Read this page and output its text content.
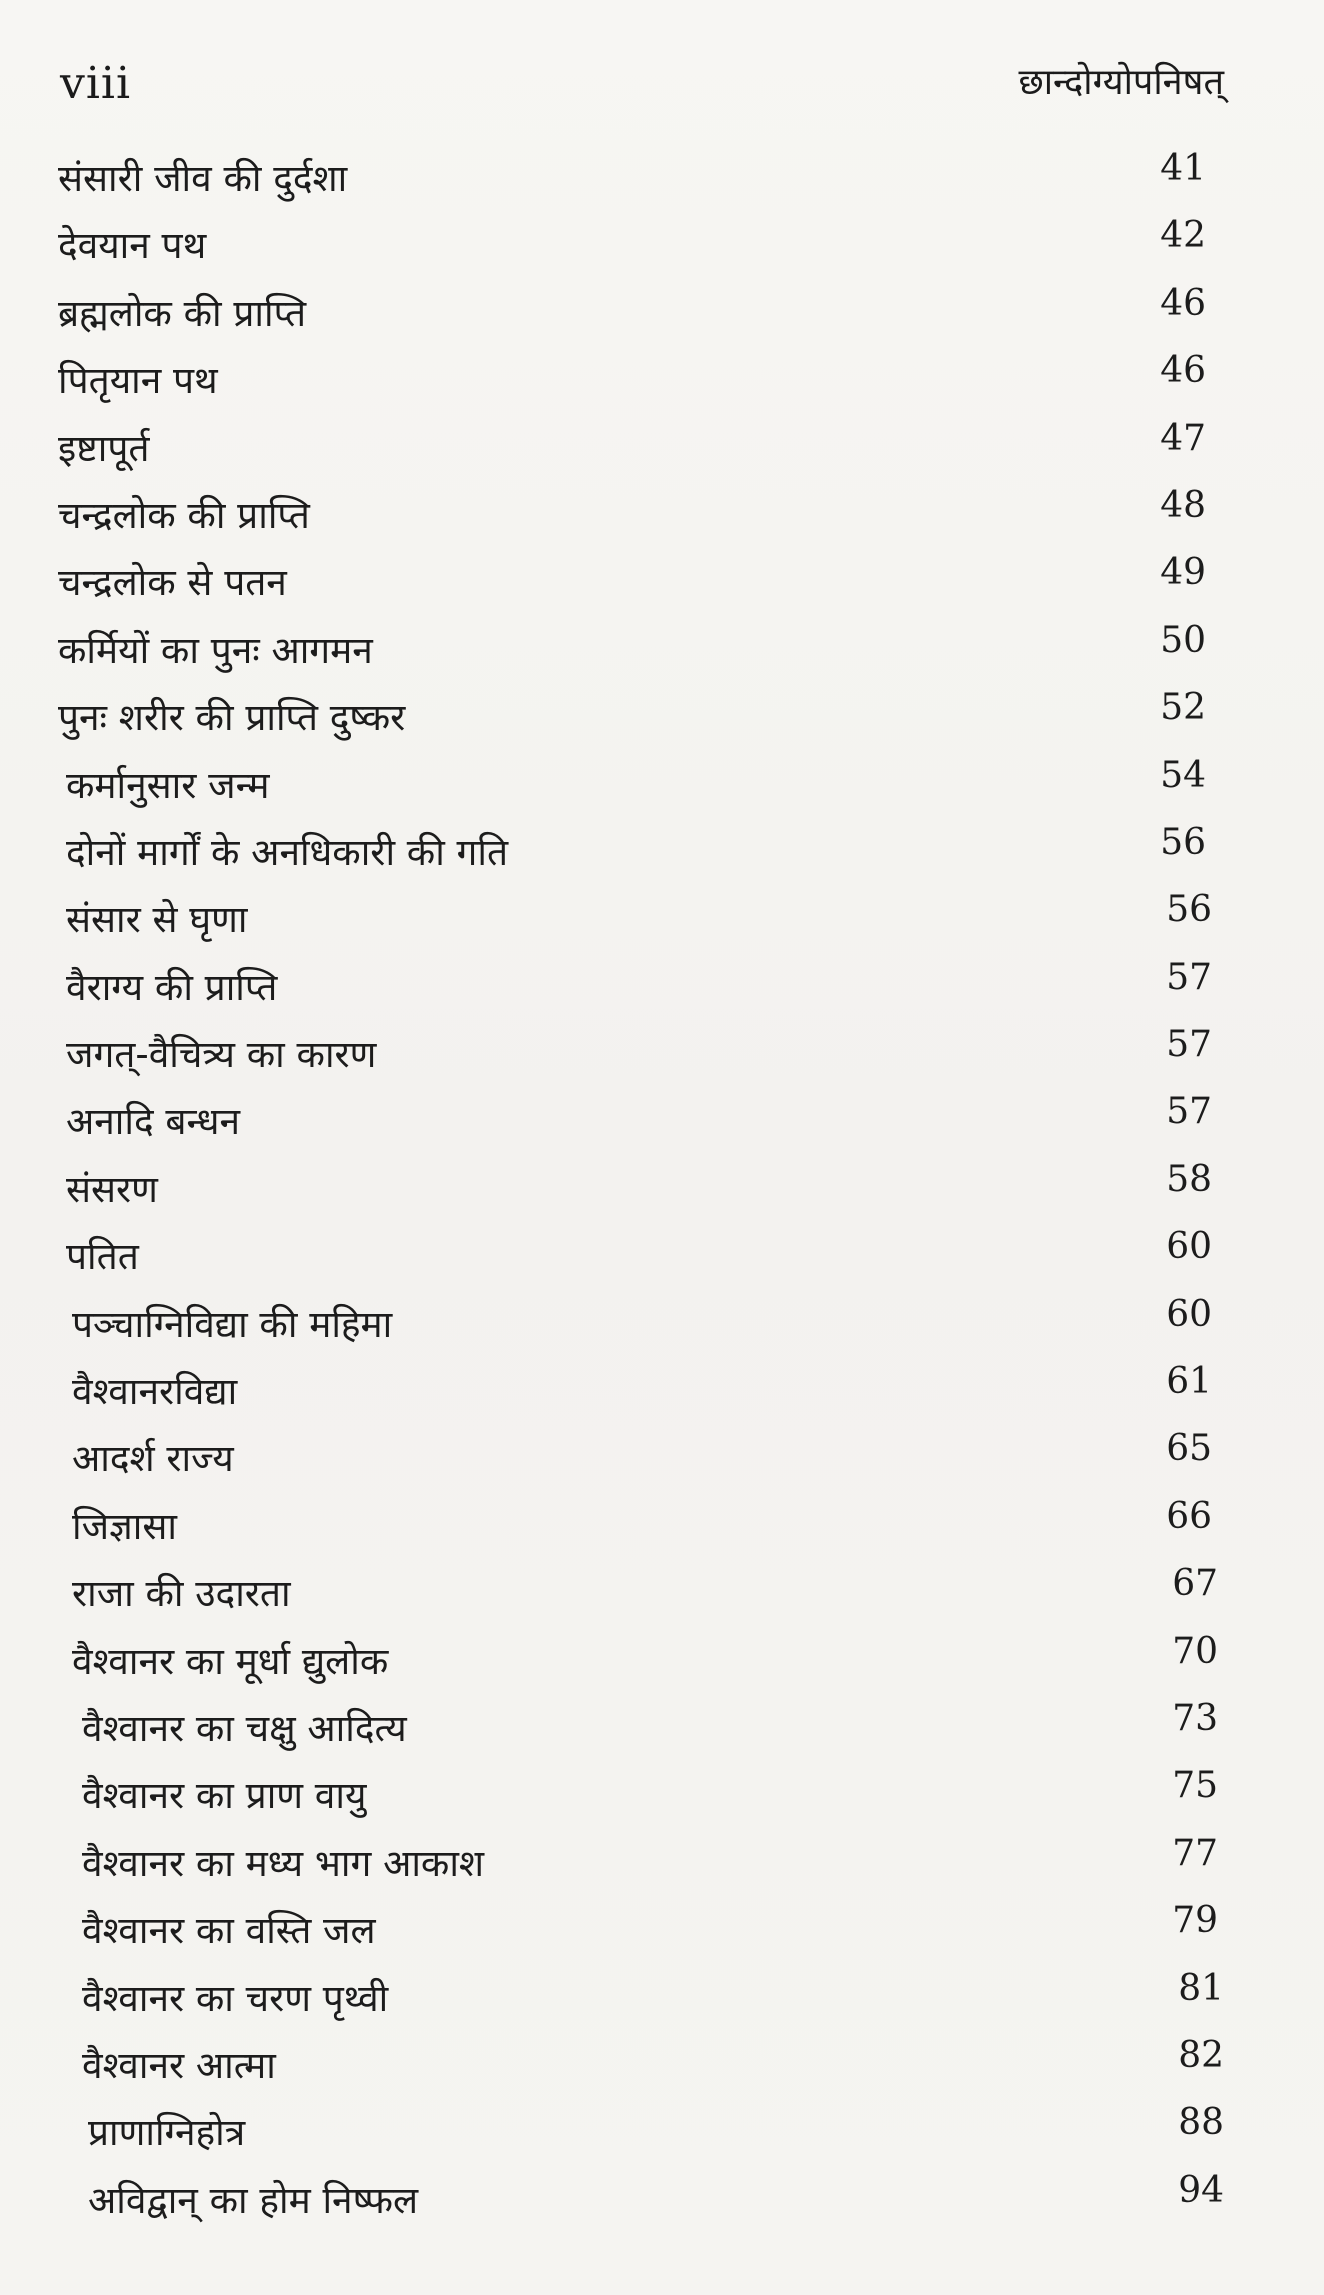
viii	छान्दोग्योपनिषत्
संसारी जीव की दुर्दशा	41
देवयान पथ	42
ब्रह्मलोक की प्राप्ति	46
पितृयान पथ	46
इष्टापूर्त	47
चन्द्रलोक की प्राप्ति	48
चन्द्रलोक से पतन	49
कर्मियों का पुनः आगमन	50
पुनः शरीर की प्राप्ति दुष्कर	52
कर्मानुसार जन्म	54
दोनों मार्गों के अनधिकारी की गति	56
संसार से घृणा	56
वैराग्य की प्राप्ति	57
जगत्-वैचित्र्य का कारण	57
अनादि बन्धन	57
संसरण	58
पतित	60
पञ्चाग्निविद्या की महिमा	60
वैश्वानरविद्या	61
आदर्श राज्य	65
जिज्ञासा	66
राजा की उदारता	67
वैश्वानर का मूर्धा द्युलोक	70
वैश्वानर का चक्षु आदित्य	73
वैश्वानर का प्राण वायु	75
वैश्वानर का मध्य भाग आकाश	77
वैश्वानर का वस्ति जल	79
वैश्वानर का चरण पृथ्वी	81
वैश्वानर आत्मा	82
प्राणाग्निहोत्र	88
अविद्वान् का होम निष्फल	94
